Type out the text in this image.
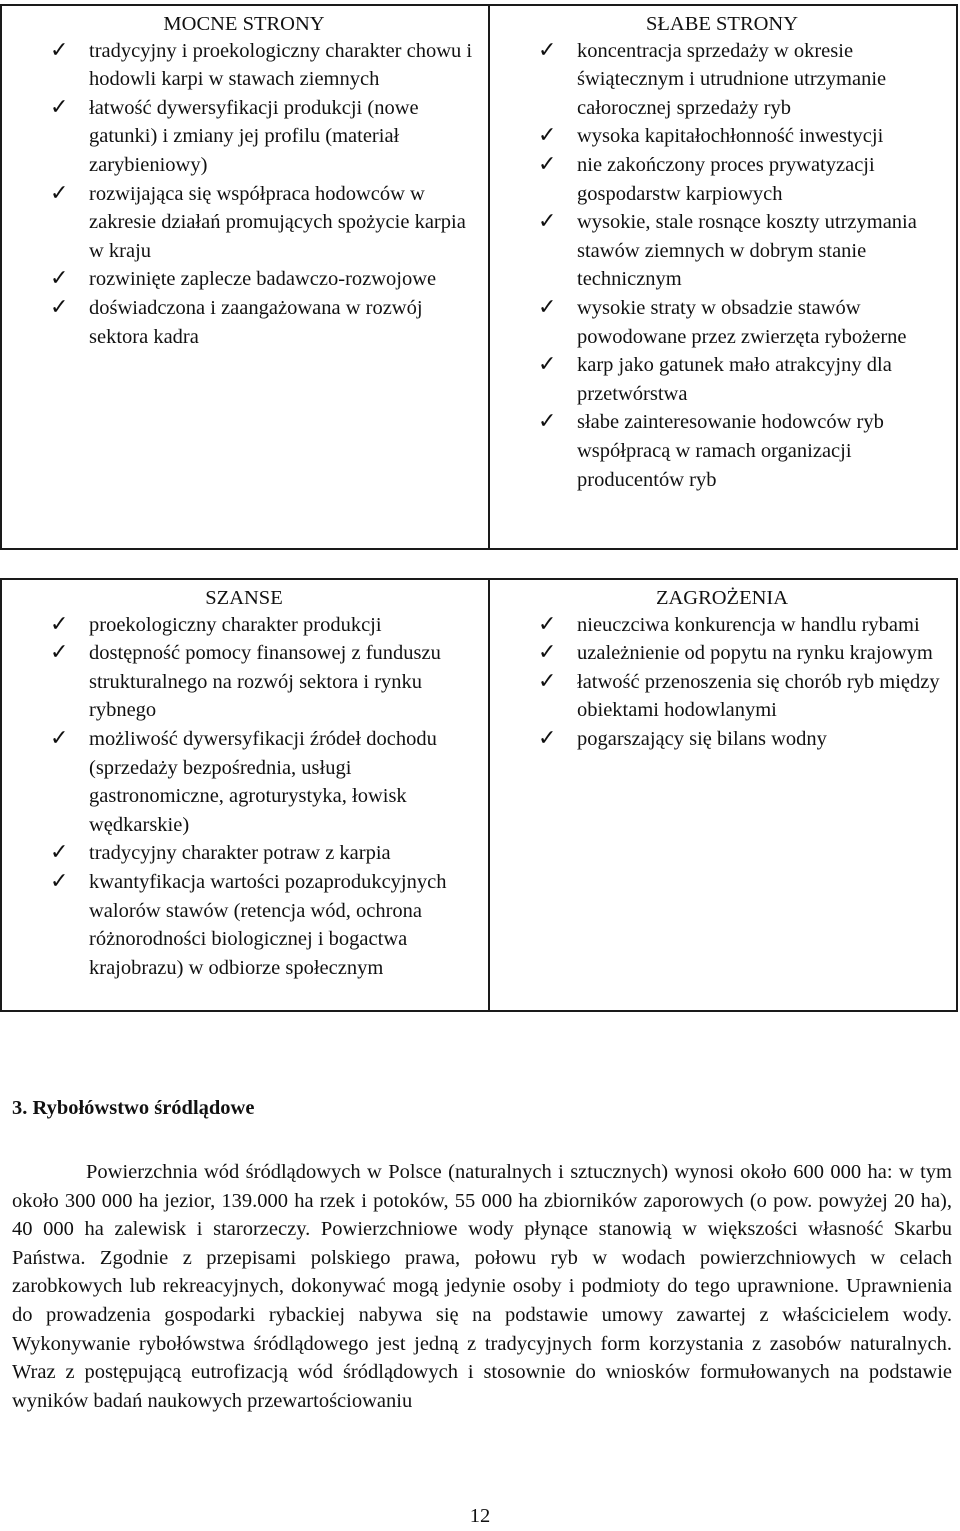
MOCNE STRONY
✓ tradycyjny i proekologiczny charakter chowu i hodowli karpi w stawach ziemnych
✓ łatwość dywersyfikacji produkcji (nowe gatunki) i zmiany jej profilu (materiał zarybieniowy)
✓ rozwijająca się współpraca hodowców w zakresie działań promujących spożycie karpia w kraju
✓ rozwinięte zaplecze badawczo-rozwojowe
✓ doświadczona i zaangażowana w rozwój sektora kadra

SŁABE STRONY
✓ koncentracja sprzedaży w okresie świątecznym i utrudnione utrzymanie całorocznej sprzedaży ryb
✓ wysoka kapitałochłonność inwestycji
✓ nie zakończony proces prywatyzacji gospodarstw karpiowych
✓ wysokie, stale rosnące koszty utrzymania stawów ziemnych w dobrym stanie technicznym
✓ wysokie straty w obsadzie stawów powodowane przez zwierzęta rybożerne
✓ karp jako gatunek mało atrakcyjny dla przetwórstwa
✓ słabe zainteresowanie hodowców ryb współpracą w ramach organizacji producentów ryb
SZANSE
✓ proekologiczny charakter produkcji
✓ dostępność pomocy finansowej z funduszu strukturalnego na rozwój sektora i rynku rybnego
✓ możliwość dywersyfikacji źródeł dochodu (sprzedaży bezpośrednia, usługi gastronomiczne, agroturystyka, łowisk wędkarskie)
✓ tradycyjny charakter potraw z karpia
✓ kwantyfikacja wartości pozaprodukcyjnych walorów stawów (retencja wód, ochrona różnorodności biologicznej i bogactwa krajobrazu) w odbiorze społecznym

ZAGROŻENIA
✓ nieuczciwa konkurencja w handlu rybami
✓ uzależnienie od popytu na rynku krajowym
✓ łatwość przenoszenia się chorób ryb między obiektami hodowlanymi
✓ pogarszający się bilans wodny
3. Rybołówstwo śródlądowe

Powierzchnia wód śródlądowych w Polsce (naturalnych i sztucznych) wynosi około 600 000 ha: w tym około 300 000 ha jezior, 139.000 ha rzek i potoków, 55 000 ha zbiorników zaporowych (o pow. powyżej 20 ha), 40 000 ha zalewisk i starorzeczy. Powierzchniowe wody płynące stanowią w większości własność Skarbu Państwa. Zgodnie z przepisami polskiego prawa, połowu ryb w wodach powierzchniowych w celach zarobkowych lub rekreacyjnych, dokonywać mogą jedynie osoby i podmioty do tego uprawnione. Uprawnienia do prowadzenia gospodarki rybackiej nabywa się na podstawie umowy zawartej z właścicielem wody. Wykonywanie rybołówstwa śródlądowego jest jedną z tradycyjnych form korzystania z zasobów naturalnych. Wraz z postępującą eutrofizacją wód śródlądowych i stosownie do wniosków formułowanych na podstawie wyników badań naukowych przewartościowaniu

12
